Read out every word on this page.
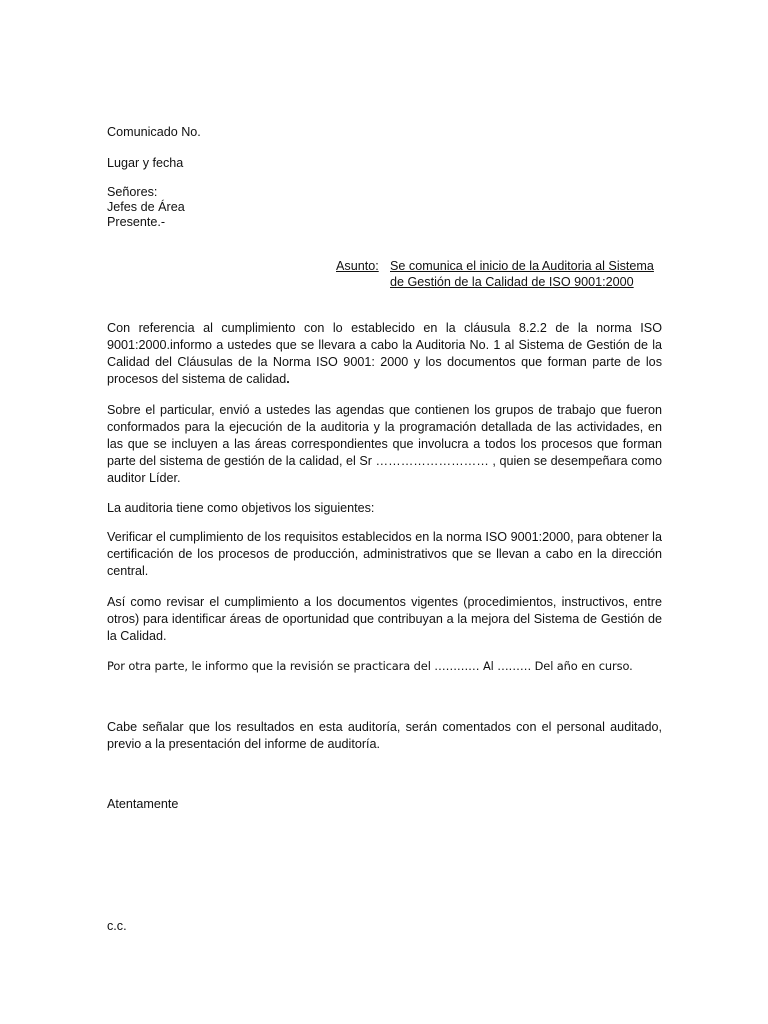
Comunicado No.
Lugar y fecha
Señores:
Jefes de Área
Presente.-
Asunto: Se comunica el inicio de la Auditoria al Sistema
de Gestión de la Calidad de ISO 9001:2000
Con referencia al cumplimiento con lo establecido en la cláusula 8.2.2 de la norma ISO 9001:2000.informo a ustedes que se llevara a cabo la Auditoria No. 1 al Sistema de Gestión de la Calidad del Cláusulas de la Norma ISO 9001: 2000 y los documentos que forman parte de los procesos del sistema de calidad.
Sobre el particular, envió a ustedes las agendas que contienen los grupos de trabajo que fueron conformados para la ejecución de la auditoria y la programación detallada de las actividades, en las que se incluyen a las áreas correspondientes que involucra a todos los procesos que forman parte del sistema de gestión de la calidad, el Sr ……………………… , quien se desempeñara como auditor Líder.
La auditoria tiene como objetivos los siguientes:
Verificar el cumplimiento de los requisitos establecidos en la norma ISO 9001:2000, para obtener la certificación de los procesos de producción, administrativos que se llevan a cabo en la dirección central.
Así como revisar el cumplimiento a los documentos vigentes (procedimientos, instructivos, entre otros) para identificar áreas de oportunidad que contribuyan a la mejora del Sistema de Gestión de la Calidad.
Por otra parte, le informo que la revisión se practicara del ………… Al ……… Del año en curso.
Cabe señalar que los resultados en esta auditoría, serán comentados con el personal auditado, previo a la presentación del informe de auditoría.
Atentamente
c.c.
